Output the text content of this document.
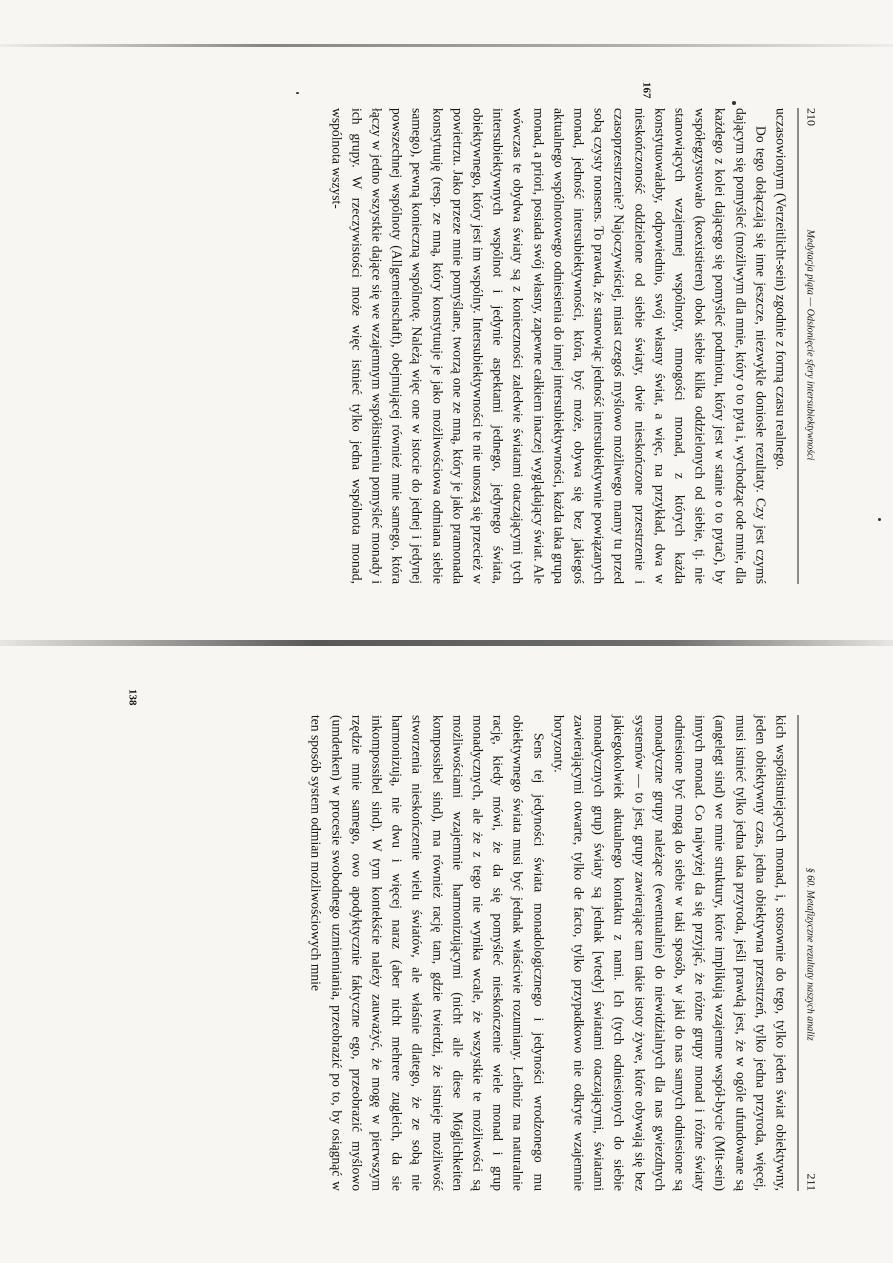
210
Medytacja piąta — Odsłonięcie sfery intersubiektywności

uczasowionym (Verzeitlicht-sein) zgodnie z formą czasu realnego.

Do tego dołączają się inne jeszcze, niezwykle doniosłe rezultaty. Czy jest czymś dającym się pomyśleć (możliwym dla mnie, który o to pyta i, wychodząc ode mnie, dla każdego z kolei dającego się pomyśleć podmiotu, który jest w stanie o to pytać), by współegzystowało (koexistieren) obok siebie kilka oddzielonych od siebie, tj. nie stanowiących wzajemnej wspólnoty, mnogości monad, z których każda konstytuowałaby, odpowiednio, swój własny świat, a więc, na przykład, dwa w nieskończoność oddzielone od siebie światy, dwie nieskończone przestrzenie i czasoprzestrzenie? Najoczywiściej, miast czegoś myślowo możliwego mamy tu przed sobą czysty nonsens. To prawda, że stanowiąc jedność intersubiektywnie powiązanych monad, jedność intersubiektywności, która, być może, obywa się bez jakiegoś aktualnego wspólnotowego odniesienia do innej intersubiektywności, każda taka grupa monad, a priori, posiada swój własny, zapewne całkiem inaczej wyglądający świat. Ale wówczas te obydwa światy są z konieczności zaledwie światami otaczającymi tych intersubiektywnych wspólnot i jedynie aspektami jednego, jedynego świata, obiektywnego, który jest im wspólny. Intersubiektywności te nie unoszą się przecież w powietrzu. Jako przeze mnie pomyślane, tworzą one ze mną, który je jako pramonada konstytuuję (resp. ze mną, który konstytuuje je jako możliwościowa odmiana siebie samego), pewną konieczną wspólnotę. Należą więc one w istocie do jednej i jedynej powszechnej wspólnoty (Allgemeinschaft), obejmującej również mnie samego, która łączy w jedno wszystkie dające się we wzajemnym współistnieniu pomyśleć monady i ich grupy. W rzeczywistości może więc istnieć tylko jedna wspólnota monad, wspólnota wszyst-

167
§ 60. Metafizyczne rezultaty naszych analiz
211

kich współistniejących monad, i, stosownie do tego, tylko jeden świat obiektywny, jeden obiektywny czas, jedna obiektywna przestrzeń, tylko jedna przyroda, więcej, musi istnieć tylko jedna taka przyroda, jeśli prawdą jest, że w ogóle ufundowane są (angelegt sind) we mnie struktury, które implikują wzajemne współ-bycie (Mit-sein) innych monad. Co najwyżej da się przyjąć, że różne grupy monad i różne światy odniesione być mogą do siebie w taki sposób, w jaki do nas samych odniesione są monadyczne grupy należące (ewentualnie) do niewidzialnych dla nas gwiezdnych systemów — to jest, grupy zawierające tam takie istoty żywe, które obywają się bez jakiegokolwiek aktualnego kontaktu z nami. Ich (tych odniesionych do siebie monadycznych grup) światy są jednak [wtedy] światami otaczającymi, światami zawierającymi otwarte, tylko de facto, tylko przypadkowo nie odkryte wzajemnie horyzonty.

Sens tej jedyności świata monadologicznego i jedyności wrodzonego mu obiektywnego świata musi być jednak właściwie rozumiany. Leibniz ma naturalnie rację, kiedy mówi, że da się pomyśleć nieskończenie wiele monad i grup monadycznych, ale że z tego nie wynika wcale, że wszystkie te możliwości są możliwościami wzajemnie harmonizującymi (nicht alle diese Möglichkeiten kompossibel sind), ma również rację tam, gdzie twierdzi, że istnieje możliwość stworzenia nieskończenie wielu światów, ale właśnie dlatego, że ze sobą nie harmonizują, nie dwu i więcej naraz (aber nicht mehrere zugleich, da sie inkompossibel sind). W tym kontekście należy zauważyć, że mogę w pierwszym rzędzie mnie samego, owo apodyktycznie faktyczne ego, przeobrazić myślowo (umdenken) w procesie swobodnego uzmienniania, przeobrazić po to, by osiągnąć w ten sposób system odmian możliwościowych mnie

138
